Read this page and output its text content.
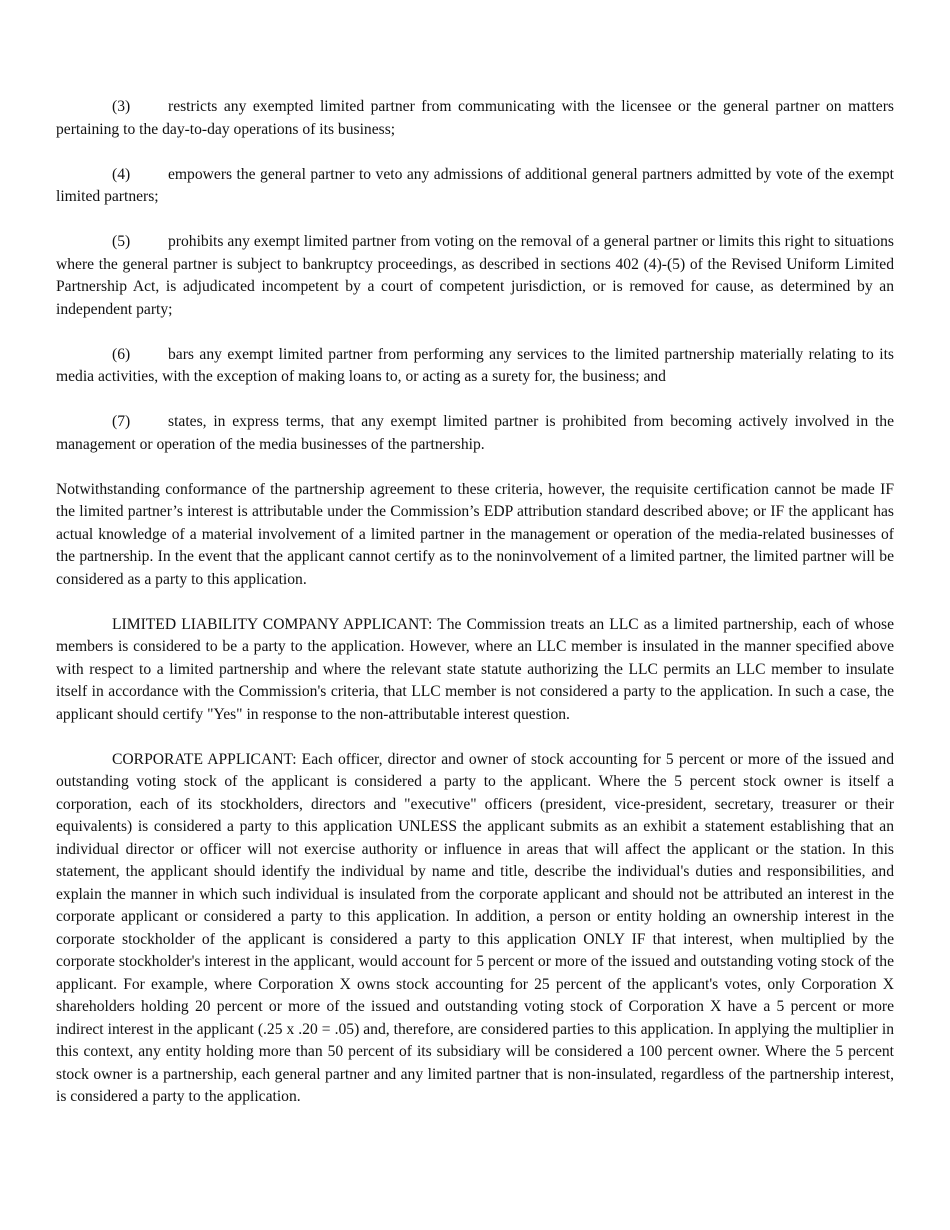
(3) restricts any exempted limited partner from communicating with the licensee or the general partner on matters pertaining to the day-to-day operations of its business;
(4) empowers the general partner to veto any admissions of additional general partners admitted by vote of the exempt limited partners;
(5) prohibits any exempt limited partner from voting on the removal of a general partner or limits this right to situations where the general partner is subject to bankruptcy proceedings, as described in sections 402 (4)-(5) of the Revised Uniform Limited Partnership Act, is adjudicated incompetent by a court of competent jurisdiction, or is removed for cause, as determined by an independent party;
(6) bars any exempt limited partner from performing any services to the limited partnership materially relating to its media activities, with the exception of making loans to, or acting as a surety for, the business; and
(7) states, in express terms, that any exempt limited partner is prohibited from becoming actively involved in the management or operation of the media businesses of the partnership.

Notwithstanding conformance of the partnership agreement to these criteria, however, the requisite certification cannot be made IF the limited partner’s interest is attributable under the Commission’s EDP attribution standard described above; or IF the applicant has actual knowledge of a material involvement of a limited partner in the management or operation of the media-related businesses of the partnership. In the event that the applicant cannot certify as to the noninvolvement of a limited partner, the limited partner will be considered as a party to this application.

LIMITED LIABILITY COMPANY APPLICANT: The Commission treats an LLC as a limited partnership, each of whose members is considered to be a party to the application. However, where an LLC member is insulated in the manner specified above with respect to a limited partnership and where the relevant state statute authorizing the LLC permits an LLC member to insulate itself in accordance with the Commission's criteria, that LLC member is not considered a party to the application. In such a case, the applicant should certify "Yes" in response to the non-attributable interest question.

CORPORATE APPLICANT: Each officer, director and owner of stock accounting for 5 percent or more of the issued and outstanding voting stock of the applicant is considered a party to the applicant. Where the 5 percent stock owner is itself a corporation, each of its stockholders, directors and "executive" officers (president, vice-president, secretary, treasurer or their equivalents) is considered a party to this application UNLESS the applicant submits as an exhibit a statement establishing that an individual director or officer will not exercise authority or influence in areas that will affect the applicant or the station. In this statement, the applicant should identify the individual by name and title, describe the individual's duties and responsibilities, and explain the manner in which such individual is insulated from the corporate applicant and should not be attributed an interest in the corporate applicant or considered a party to this application. In addition, a person or entity holding an ownership interest in the corporate stockholder of the applicant is considered a party to this application ONLY IF that interest, when multiplied by the corporate stockholder's interest in the applicant, would account for 5 percent or more of the issued and outstanding voting stock of the applicant. For example, where Corporation X owns stock accounting for 25 percent of the applicant's votes, only Corporation X shareholders holding 20 percent or more of the issued and outstanding voting stock of Corporation X have a 5 percent or more indirect interest in the applicant (.25 x .20 = .05) and, therefore, are considered parties to this application. In applying the multiplier in this context, any entity holding more than 50 percent of its subsidiary will be considered a 100 percent owner. Where the 5 percent stock owner is a partnership, each general partner and any limited partner that is non-insulated, regardless of the partnership interest, is considered a party to the application.
